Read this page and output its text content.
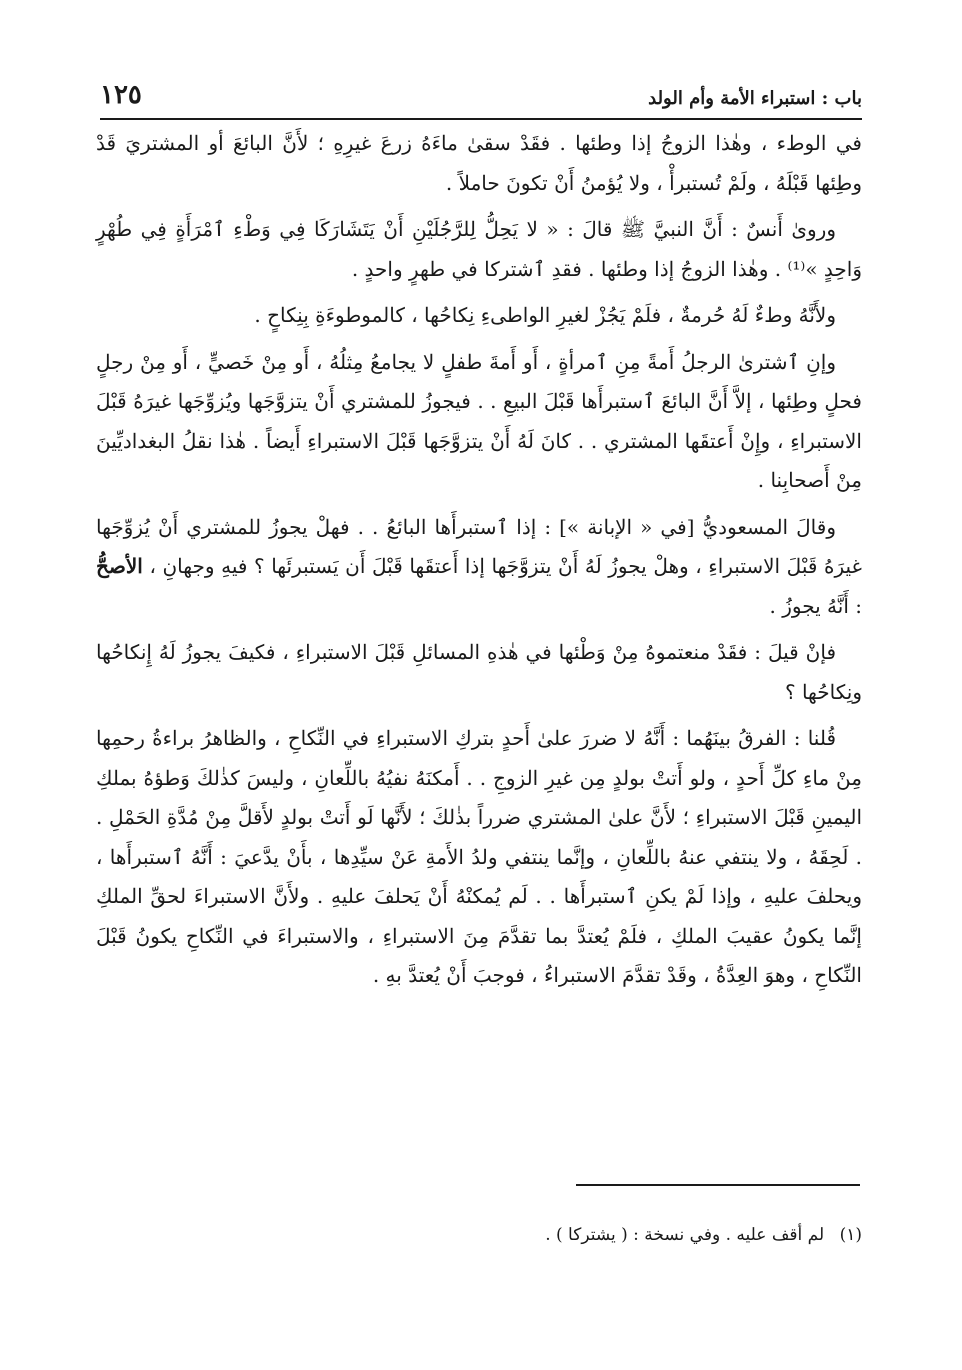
باب : استبراء الأمة وأم الولد
١٢٥

في الوطء ، وهٰذا الزوجُ إذا وطئها . فقَدْ سقىٰ ماءَهُ زرعَ غيرِهِ ؛ لأَنَّ البائعَ أو المشتريَ قَدْ وطِئها قَبْلَهُ ، ولَمْ تُستبرأْ ، ولا يُؤمنُ أَنْ تكونَ حاملاً .

وروىٰ أَنسٌ : أَنَّ النبيَّ ﷺ قالَ : « لا يَحِلُّ لِلرَّجُلَيْنِ أَنْ يَتَشَارَكَا فِي وَطْءِ ٱمْرَأَةٍ فِي طُهْرٍ وَاحِدٍ »⁽¹⁾ . وهٰذا الزوجُ إذا وطئها . فقدِ ٱشتركا في طهرٍ واحدٍ .

ولأَنَّهُ وطءٌ لَهُ حُرمةٌ ، فلَمْ يَجُزْ لغيرِ الواطىءِ نِكاحُها ، كالموطوءَةِ بِنِكاحٍ .

وإنِ ٱشترىٰ الرجلُ أَمةً مِنِ ٱمرأةٍ ، أَو أَمةَ طفلٍ لا يجامعُ مِثلُهُ ، أَو مِنْ خَصيٍّ ، أَو مِنْ رجلٍ فحلٍ وطِئها ، إلاَّ أَنَّ البائعَ ٱستبرأَها قَبْلَ البيعِ . . فيجوزُ للمشتري أَنْ يتزوَّجَها ويُزوِّجَها غيرَهُ قَبْلَ الاستبراءِ ، وإِنْ أَعتقَها المشتري . . كانَ لَهُ أَنْ يتزوَّجَها قَبْلَ الاستبراءِ أَيضاً . هٰذا نقلُ البغداديِّينَ مِنْ أَصحابِنا .

وقالَ المسعوديُّ [في « الإبانة »] : إذا ٱستبرأَها البائعُ . . فهلْ يجوزُ للمشتري أَنْ يُزوِّجَها غيرَهُ قَبْلَ الاستبراءِ ، وهلْ يجوزُ لَهُ أَنْ يتزوَّجَها إذا أَعتقَها قَبْلَ أَن يَستبرئَها ؟ فيهِ وجهانِ ، الأصحُّ : أَنَّهُ يجوزُ .

فإنْ قيلَ : فقَدْ منعتموهُ مِنْ وَطْئها في هٰذهِ المسائلِ قَبْلَ الاستبراءِ ، فكيفَ يجوزُ لَهُ إِنكاحُها ونِكاحُها ؟

قُلنا : الفرقُ بينَهُما : أَنَّهُ لا ضررَ علىٰ أَحدٍ بتركِ الاستبراءِ في النِّكاحِ ، والظاهرُ براءةُ رحمِها مِنْ ماءِ كلِّ أَحدٍ ، ولو أَتتْ بولدٍ مِن غيرِ الزوجِ . . أَمكنَهُ نفيُهُ باللِّعانِ ، وليسَ كذٰلكَ وَطؤهُ بملكِ اليمينِ قَبْلَ الاستبراءِ ؛ لأَنَّ علىٰ المشتري ضرراً بذٰلكَ ؛ لأَنَّها لَو أَتتْ بولدٍ لأَقلَّ مِنْ مُدَّةِ الحَمْلِ . . لَحِقَهُ ، ولا ينتفي عنهُ باللِّعانِ ، وإنَّما ينتفي ولدُ الأَمةِ عَنْ سيِّدِها ، بأَنْ يدَّعيَ : أَنَّهُ ٱستبرأَها ، ويحلفَ عليهِ ، وإذا لَمْ يكنِ ٱستبرأَها . . لَم يُمكنْهُ أَنْ يَحلفَ عليهِ . ولأَنَّ الاستبراءَ لحقِّ الملكِ إنَّما يكونُ عقيبَ الملكِ ، فلَمْ يُعتدَّ بما تقدَّمَ مِنَ الاستبراءِ ، والاستبراءَ في النِّكاحِ يكونُ قَبْلَ النِّكاحِ ، وهوَ العِدَّةُ ، وقَدْ تقدَّمَ الاستبراءُ ، فوجبَ أَنْ يُعتدَّ بهِ .

(١) لم أقف عليه . وفي نسخة : ( يشتركا ) .
